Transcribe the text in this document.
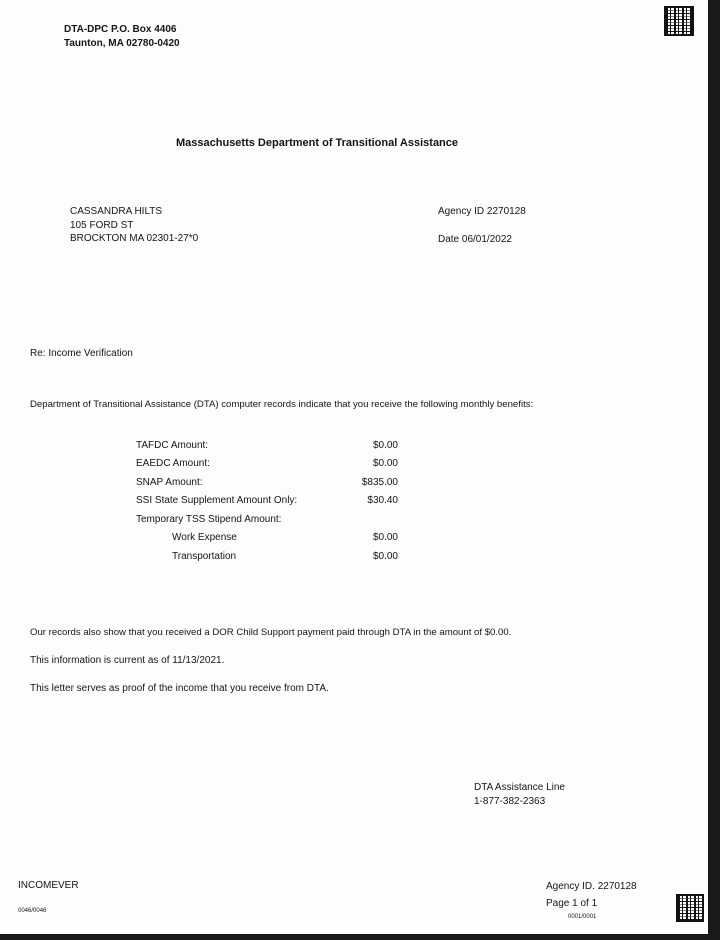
DTA-DPC P.O. Box 4406
Taunton, MA 02780-0420
Massachusetts Department of Transitional Assistance
CASSANDRA HILTS
105 FORD ST
BROCKTON MA 02301-27*0
Agency ID 2270128
Date 06/01/2022
Re: Income Verification
Department of Transitional Assistance (DTA) computer records indicate that you receive the following monthly benefits:
TAFDC Amount:	$0.00
EAEDC Amount:	$0.00
SNAP Amount:	$835.00
SSI State Supplement Amount Only:	$30.40
Temporary TSS Stipend Amount:
Work Expense	$0.00
Transportation	$0.00
Our records also show that you received a DOR Child Support payment paid through DTA in the amount of $0.00.
This information is current as of 11/13/2021.
This letter serves as proof of the income that you receive from DTA.
DTA Assistance Line
1-877-382-2363
INCOMEVER
0046/0046
Agency ID. 2270128
Page 1 of 1
0001/0001
